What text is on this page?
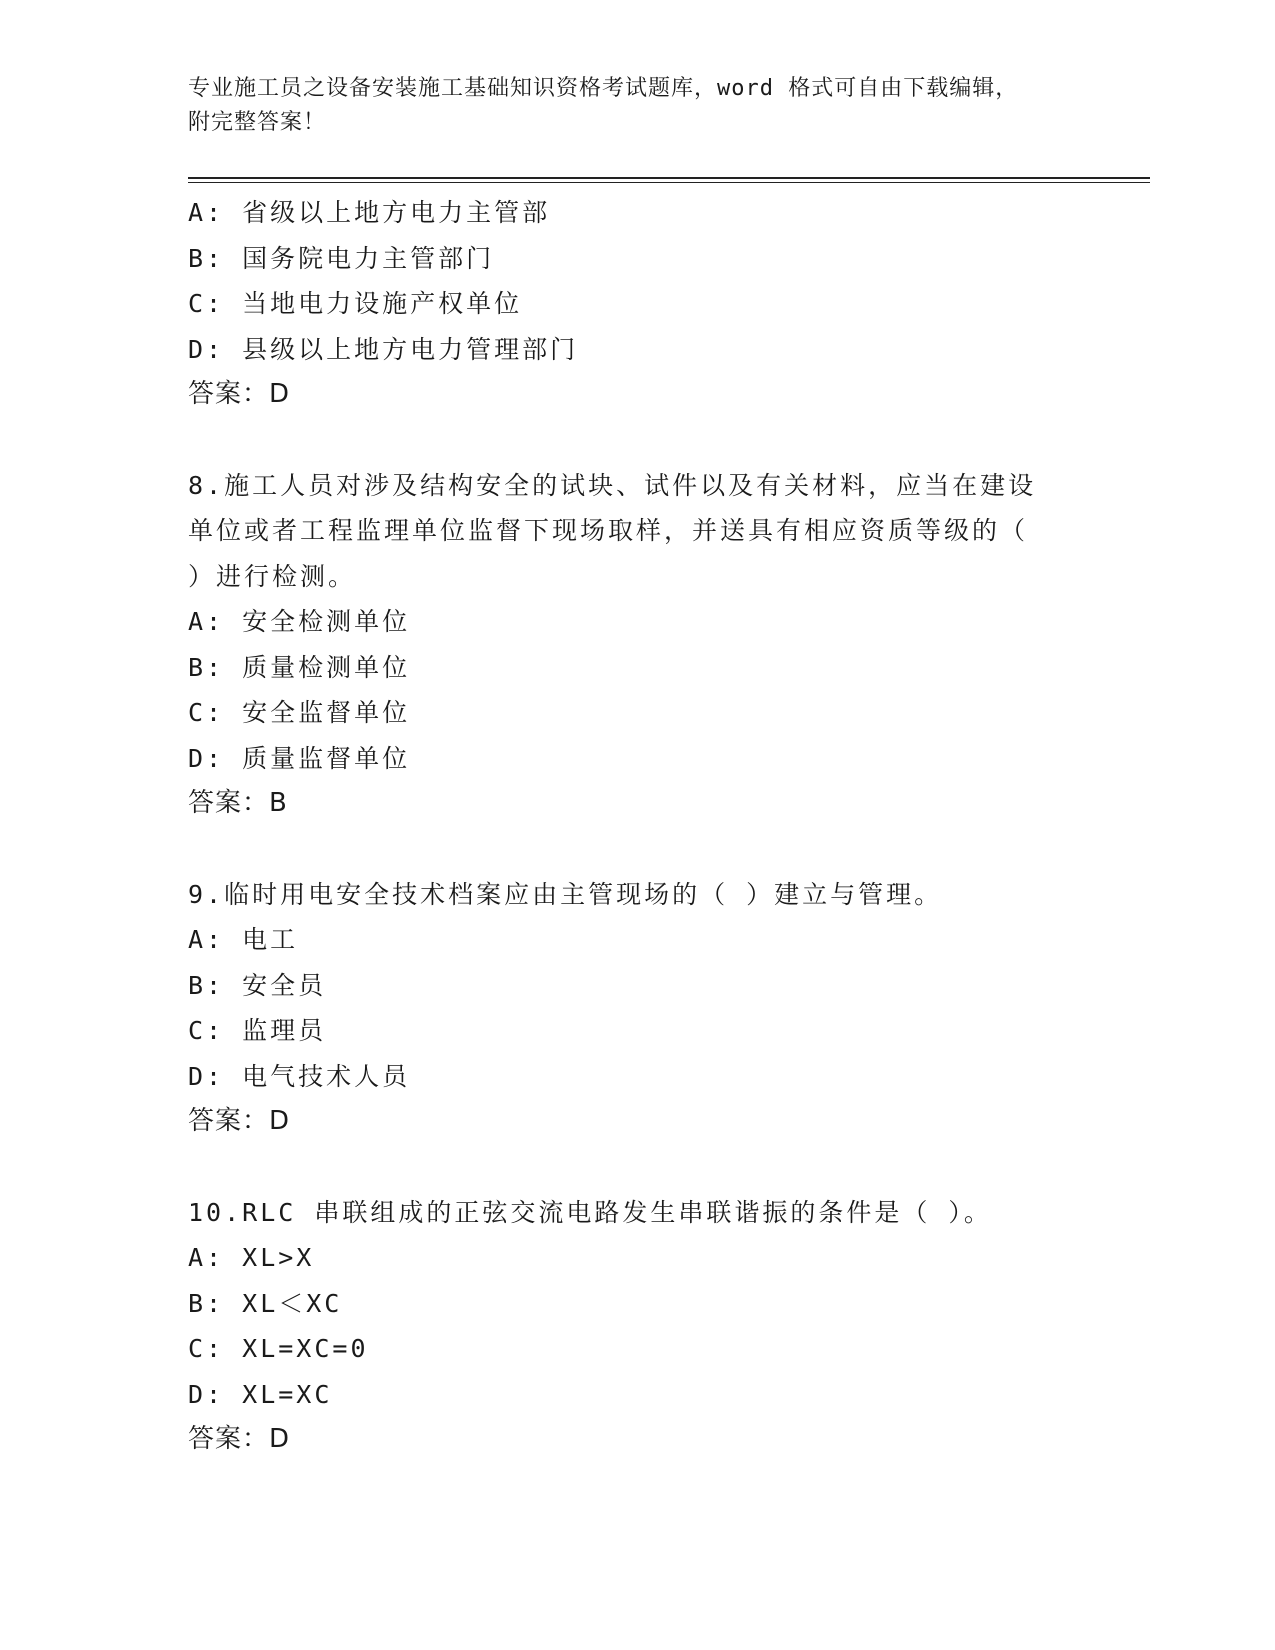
专业施工员之设备安装施工基础知识资格考试题库，word 格式可自由下载编辑，
附完整答案！
A: 省级以上地方电力主管部
B: 国务院电力主管部门
C: 当地电力设施产权单位
D: 县级以上地方电力管理部门
答案：D
8.施工人员对涉及结构安全的试块、试件以及有关材料，应当在建设
单位或者工程监理单位监督下现场取样，并送具有相应资质等级的（
）进行检测。
A: 安全检测单位
B: 质量检测单位
C: 安全监督单位
D: 质量监督单位
答案：B
9.临时用电安全技术档案应由主管现场的（ ）建立与管理。
A: 电工
B: 安全员
C: 监理员
D: 电气技术人员
答案：D
10.RLC 串联组成的正弦交流电路发生串联谐振的条件是（ ）。
A: XL>X
B: XL＜XC
C: XL=XC=0
D: XL=XC
答案：D
